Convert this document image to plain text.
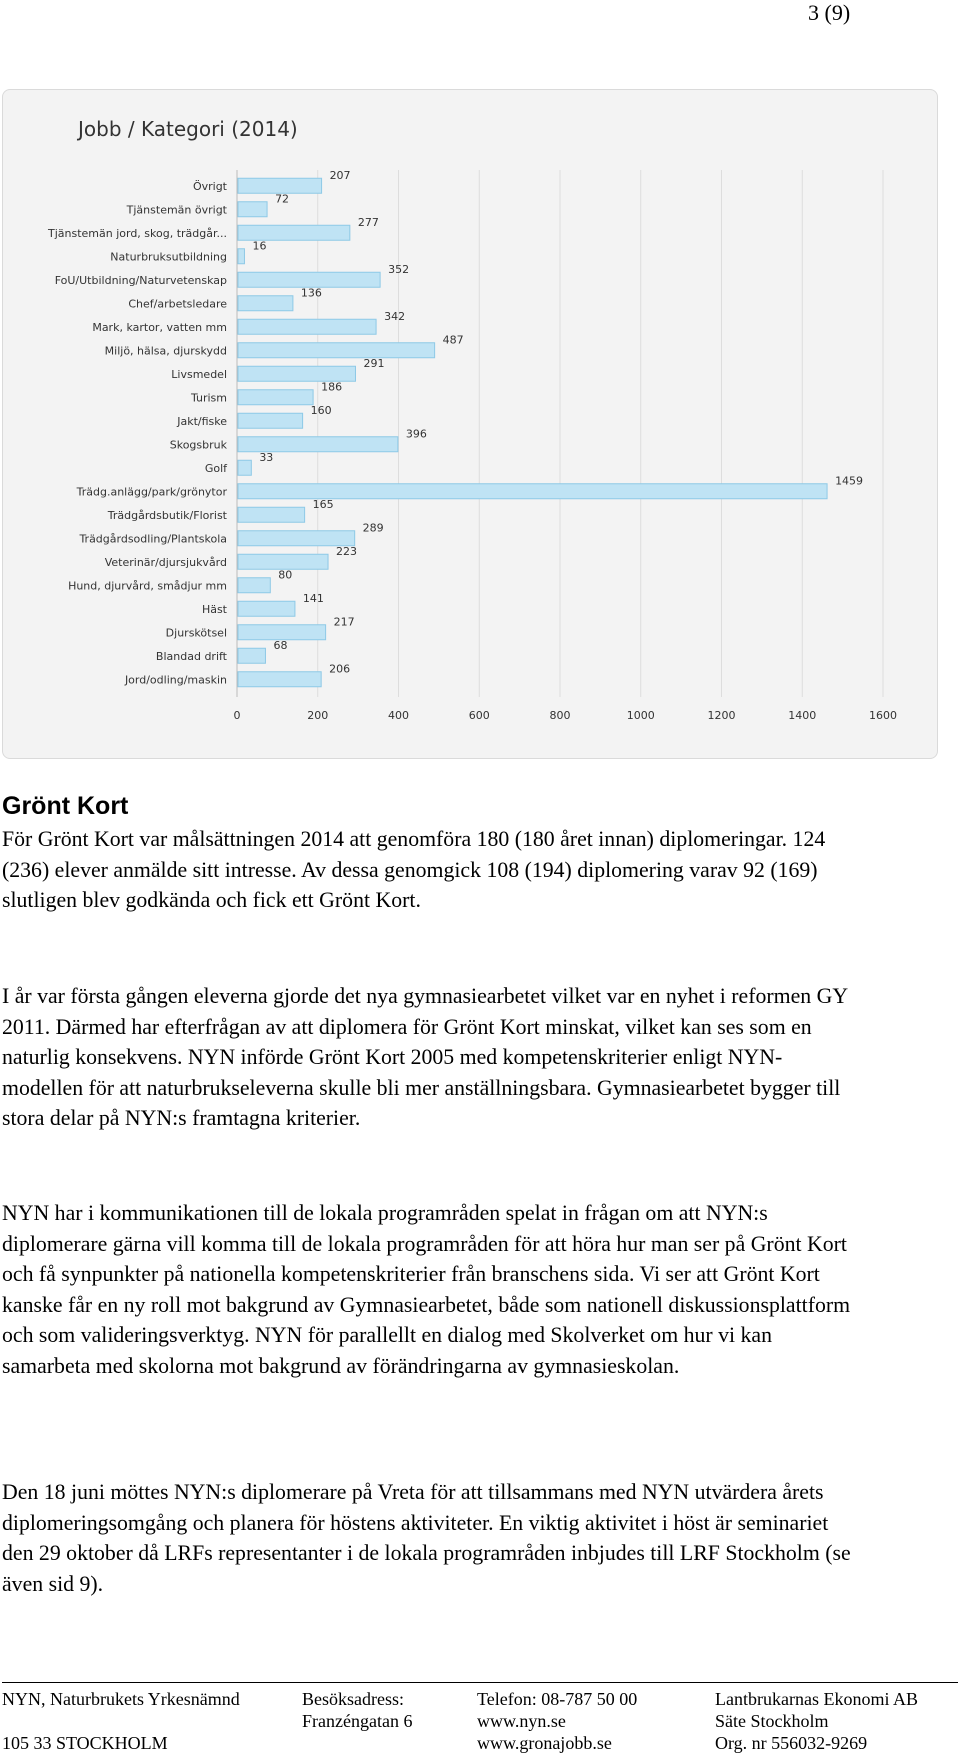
3 (9)
Jobb / Kategori (2014)
Övrigt
Tjänstemän övrigt
Tjänstemän jord, skog, trädgår...
Naturbruksutbildning
FoU/Utbildning/Naturvetenskap
Chef/arbetsledare
Mark, kartor, vatten mm
Miljö, hälsa, djurskydd
Livsmedel
Turism
Jakt/fiske
Skogsbruk
Golf
Trädg.anlägg/park/grönytor
Trädgårdsbutik/Florist
Trädgårdsodling/Plantskola
Veterinär/djursjukvård
Hund, djurvård, smådjur mm
Häst
Djurskötsel
Blandad drift
Jord/odling/maskin
207
72
277
16
352
136
342
487
291
186
160
396
33
1459
165
289
223
80
141
217
68
206
0	200	400	600	800	1000	1200	1400	1600
Grönt Kort

För Grönt Kort var målsättningen 2014 att genomföra 180 (180 året innan) diplomeringar. 124 (236) elever anmälde sitt intresse. Av dessa genomgick 108 (194) diplomering varav 92 (169) slutligen blev godkända och fick ett Grönt Kort.

I år var första gången eleverna gjorde det nya gymnasiearbetet vilket var en nyhet i reformen GY 2011. Därmed har efterfrågan av att diplomera för Grönt Kort minskat, vilket kan ses som en naturlig konsekvens. NYN införde Grönt Kort 2005 med kompetenskriterier enligt NYN-modellen för att naturbrukseleverna skulle bli mer anställningsbara. Gymnasiearbetet bygger till stora delar på NYN:s framtagna kriterier.

NYN har i kommunikationen till de lokala programråden spelat in frågan om att NYN:s diplomerare gärna vill komma till de lokala programråden för att höra hur man ser på Grönt Kort och få synpunkter på nationella kompetenskriterier från branschens sida. Vi ser att Grönt Kort kanske får en ny roll mot bakgrund av Gymnasiearbetet, både som nationell diskussionsplattform och som valideringsverktyg. NYN för parallellt en dialog med Skolverket om hur vi kan samarbeta med skolorna mot bakgrund av förändringarna av gymnasieskolan.

Den 18 juni möttes NYN:s diplomerare på Vreta för att tillsammans med NYN utvärdera årets diplomeringsomgång och planera för höstens aktiviteter. En viktig aktivitet i höst är seminariet den 29 oktober då LRFs representanter i de lokala programråden inbjudes till LRF Stockholm (se även sid 9).

NYN, Naturbrukets Yrkesnämnd

105 33 STOCKHOLM
Besöksadress:
Franzéngatan 6
Telefon: 08-787 50 00
www.nyn.se
www.gronajobb.se
Lantbrukarnas Ekonomi AB
Säte Stockholm
Org. nr 556032-9269
